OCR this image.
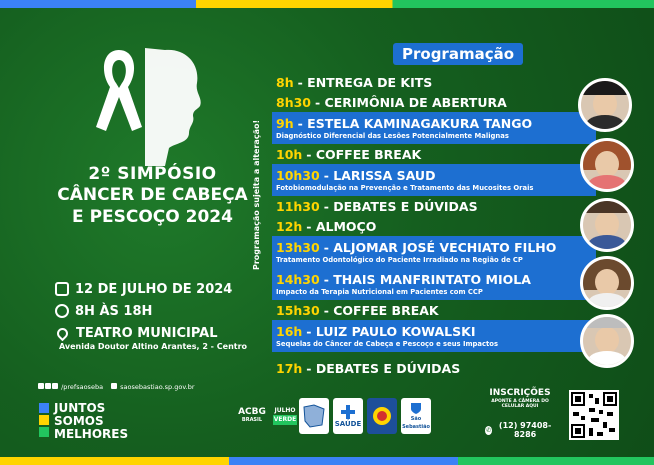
2º SIMPÓSIO
CÂNCER DE CABEÇA
E PESCOÇO 2024
12 DE JULHO DE 2024
8H ÀS 18H
TEATRO MUNICIPAL
Avenida Doutor Altino Arantes, 2 - Centro
Programação sujeita a alteração!
Programação
8h - ENTREGA DE KITS
8h30 - CERIMÔNIA DE ABERTURA
9h - ESTELA KAMINAGAKURA TANGO
Diagnóstico Diferencial das Lesões Potencialmente Malignas
10h - COFFEE BREAK
10h30 - LARISSA SAUD
Fotobiomodulação na Prevenção e Tratamento das Mucosites Orais
11h30 - DEBATES E DÚVIDAS
12h - ALMOÇO
13h30 - ALJOMAR JOSÉ VECHIATO FILHO
Tratamento Odontológico do Paciente Irradiado na Região de CP
14h30 - THAIS MANFRINTATO MIOLA
Impacto da Terapia Nutricional em Pacientes com CCP
15h30 - COFFEE BREAK
16h - LUIZ PAULO KOWALSKI
Sequelas do Câncer de Cabeça e Pescoço e seus Impactos
17h - DEBATES E DÚVIDAS
/prefsaoseba	saosebastiao.sp.gov.br
JUNTOS
SOMOS
MELHORES
ACBG
BRASIL
JULHO
VERDE
SAÚDE
São Sebastião
INSCRIÇÕES
APONTE A CÂMERA DO CELULAR AQUI
✆ (12) 97408-8286
